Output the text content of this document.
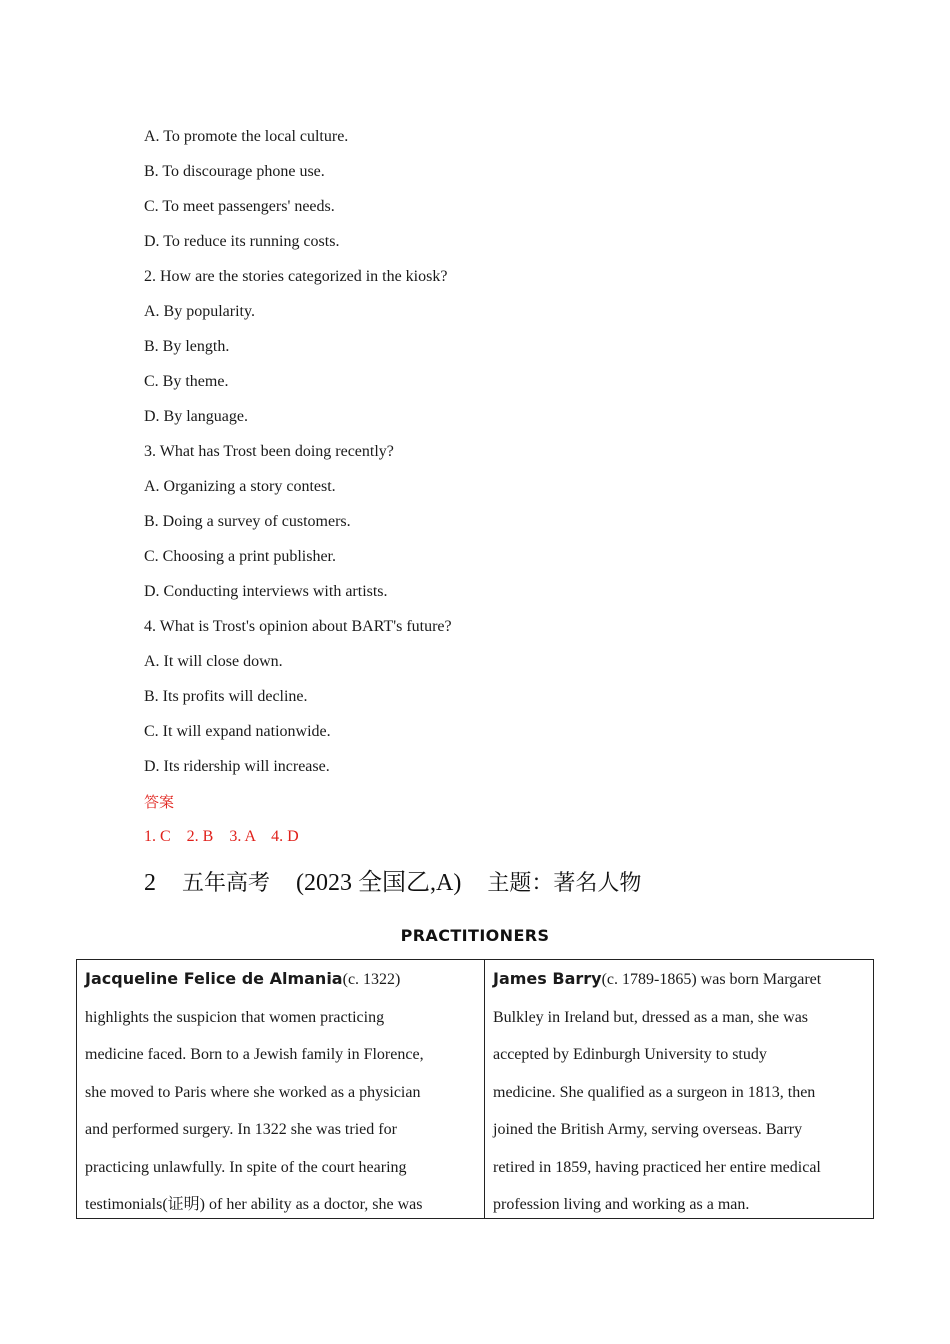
A. To promote the local culture.
B. To discourage phone use.
C. To meet passengers' needs.
D. To reduce its running costs.
2. How are the stories categorized in the kiosk?
A. By popularity.
B. By length.
C. By theme.
D. By language.
3. What has Trost been doing recently?
A. Organizing a story contest.
B. Doing a survey of customers.
C. Choosing a print publisher.
D. Conducting interviews with artists.
4. What is Trost's opinion about BART's future?
A. It will close down.
B. Its profits will decline.
C. It will expand nationwide.
D. Its ridership will increase.
答案
1. C    2. B    3. A    4. D
2 五年高考 (2023 全国乙,A) 主题：著名人物
PRACTITIONERS
Jacqueline Felice de Almania(c. 1322)
highlights the suspicion that women practicing
medicine faced. Born to a Jewish family in Florence,
she moved to Paris where she worked as a physician
and performed surgery. In 1322 she was tried for
practicing unlawfully. In spite of the court hearing
testimonials(证明) of her ability as a doctor, she was
James Barry(c. 1789-1865) was born Margaret
Bulkley in Ireland but, dressed as a man, she was
accepted by Edinburgh University to study
medicine. She qualified as a surgeon in 1813, then
joined the British Army, serving overseas. Barry
retired in 1859, having practiced her entire medical
profession living and working as a man.
